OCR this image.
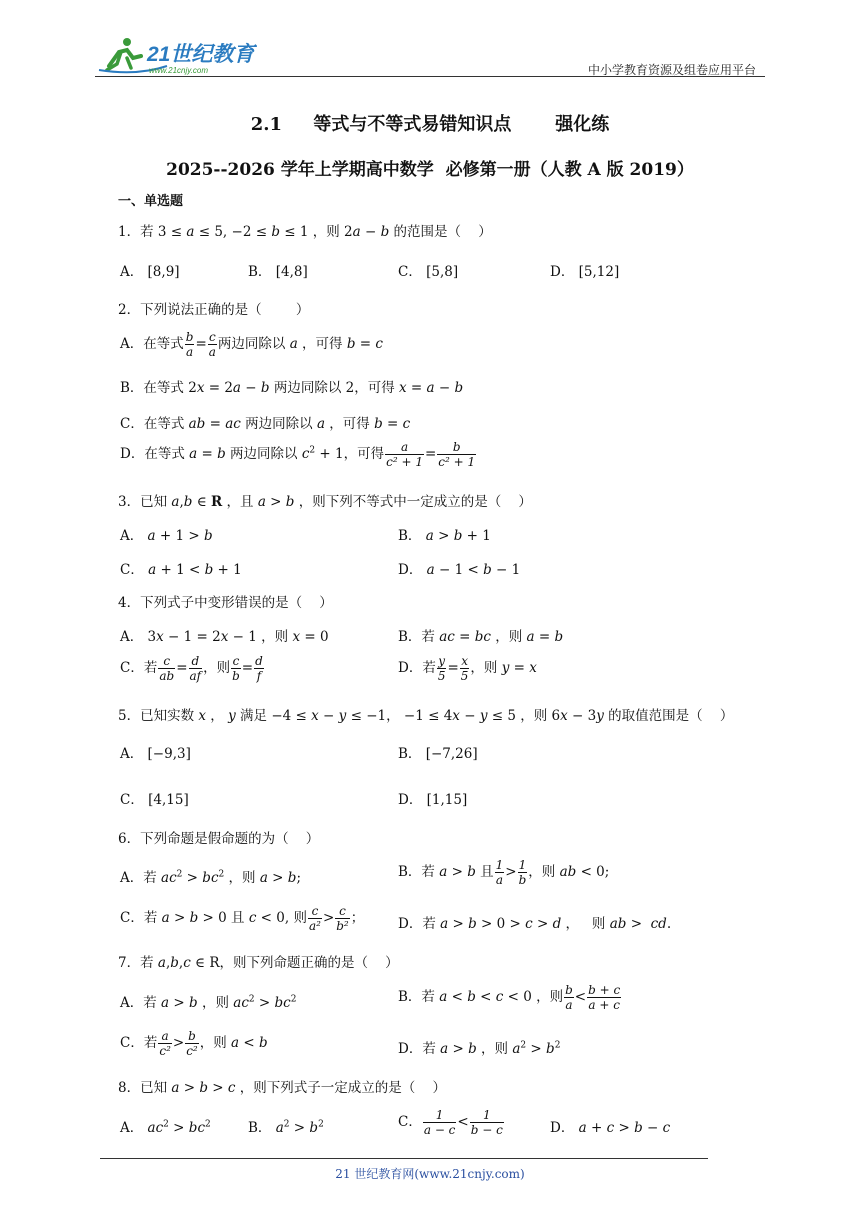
21世纪教育
www.21cnjy.com	中小学教育资源及组卷应用平台
2.1     等式与不等式易错知识点       强化练
2025--2026 学年上学期高中数学  必修第一册（人教 A 版 2019）
一、单选题
1．若 3 ≤ a ≤ 5, −2 ≤ b ≤ 1 ，则 2a − b 的范围是（    ）
A． [8,9]	B． [4,8]	C． [5,8]	D． [5,12]
2．下列说法正确的是（        ）
A．在等式 $\frac{b}{a} = \frac{c}{a}$ 两边同除以 a ，可得 b = c
B．在等式 2x = 2a − b 两边同除以 2，可得 x = a − b
C．在等式 ab = ac 两边同除以 a ，可得 b = c
D．在等式 a = b 两边同除以 $c^2 + 1$，可得 $\frac{a}{\text{c² + 1}} = \frac{b}{\text{c² + 1}}$
3．已知 a,b ∈ R ，且 a > b ，则下列不等式中一定成立的是（    ）
A． a + 1 > b	B． a > b + 1
C． a + 1 < b + 1	D． a − 1 < b − 1
4．下列式子中变形错误的是（    ）
A． 3x − 1 = 2x − 1 ，则 x = 0	B．若 ac = bc ，则 a = b
C．若 $\frac{c}{ab} = \frac{d}{af}$ ，则 $\frac{c}{b} = \frac{d}{f}$	D．若 $\frac{y}{5} = \frac{x}{5}$ ，则 y = x
5．已知实数 x ， y 满足 −4 ≤ x − y ≤ −1， −1 ≤ 4x − y ≤ 5 ，则 6x − 3y 的取值范围是（    ）
A． [−9,3]	B． [−7,26]
C． [4,15]	D． [1,15]
6．下列命题是假命题的为（    ）
A．若 $ac^2 > bc^2$ ，则 a > b;	B．若 a > b 且 $\frac{1}{a} > \frac{1}{b}$ ，则 ab < 0;
C．若 a > b > 0 且 c < 0, 则 $\frac{c}{\text{a²}} > \frac{c}{\text{b²}}$ ；	D．若 a > b > 0 > c > d ，   则 ab >  cd.
7．若 a,b,c ∈ R，则下列命题正确的是（    ）
A．若 a > b ，则 $ac^2 > bc^2$	B．若 a < b < c < 0 ，则 $\frac{b}{a} < \frac{b + c}{a + c}$
C．若 $\frac{a}{\text{c²}} > \frac{b}{\text{c²}}$ ，则 a < b	D．若 a > b ，则 $a^2 > b^2$
8．已知 a > b > c ，则下列式子一定成立的是（    ）
A． $ac^2 > bc^2$	B． $a^2 > b^2$	C． $\frac{1}{a - c} < \frac{1}{b - c}$	D． a + c > b − c
21 世纪教育网(www.21cnjy.com)
